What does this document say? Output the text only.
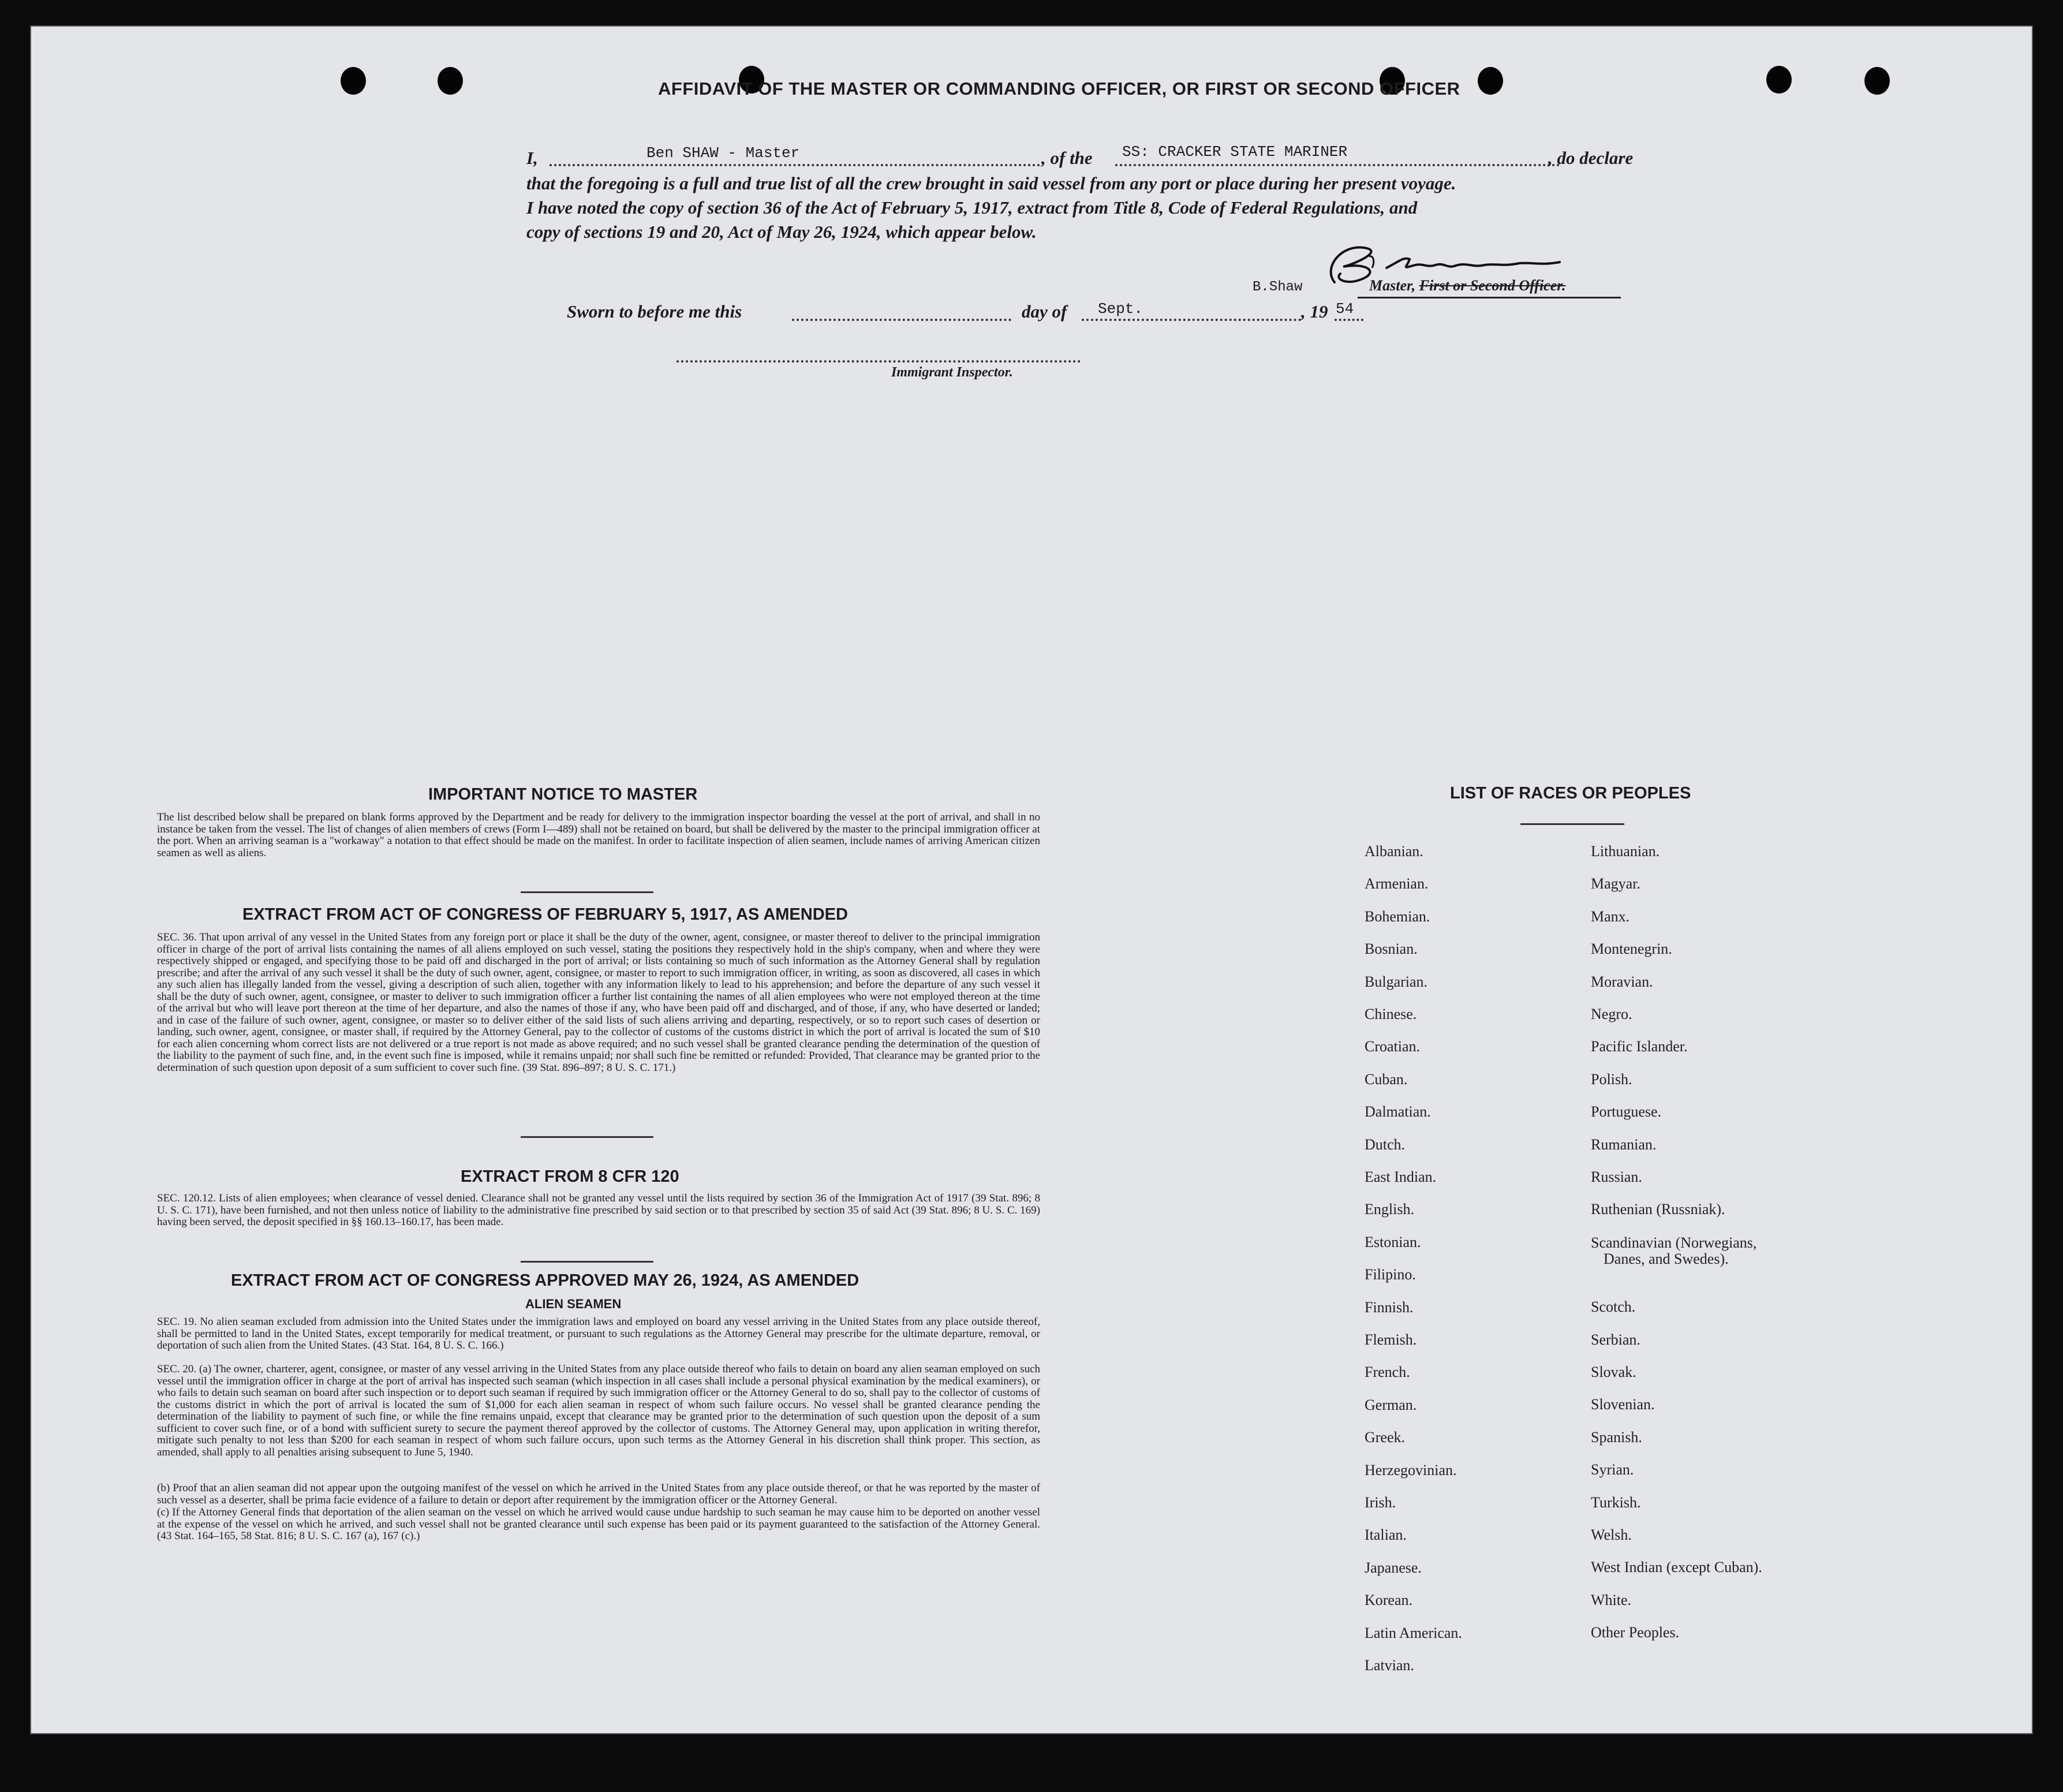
AFFIDAVIT OF THE MASTER OR COMMANDING OFFICER, OR FIRST OR SECOND OFFICER
I,	Ben SHAW - Master	, of the SS: CRACKER STATE MARINER	, do declare
that the foregoing is a full and true list of all the crew brought in said vessel from any port or place during her present voyage.
I have noted the copy of section 36 of the Act of February 5, 1917, extract from Title 8, Code of Federal Regulations, and
copy of sections 19 and 20, Act of May 26, 1924, which appear below.
B.Shaw	Master, First or Second Officer.
Sworn to before me this	day of Sept.	, 19 54
Immigrant Inspector.
IMPORTANT NOTICE TO MASTER
The list described below shall be prepared on blank forms approved by the Department and be ready for delivery to the immigration inspector boarding the vessel at the port of arrival, and shall in no instance be taken from the vessel. The list of changes of alien members of crews (Form I—489) shall not be retained on board, but shall be delivered by the master to the principal immigration officer at the port. When an arriving seaman is a "workaway" a notation to that effect should be made on the manifest. In order to facilitate inspection of alien seamen, include names of arriving American citizen seamen as well as aliens.
EXTRACT FROM ACT OF CONGRESS OF FEBRUARY 5, 1917, AS AMENDED
SEC. 36. That upon arrival of any vessel in the United States from any foreign port or place it shall be the duty of the owner, agent, consignee, or master thereof to deliver to the principal immigration officer in charge of the port of arrival lists containing the names of all aliens employed on such vessel, stating the positions they respectively hold in the ship's company, when and where they were respectively shipped or engaged, and specifying those to be paid off and discharged in the port of arrival; or lists containing so much of such information as the Attorney General shall by regulation prescribe; and after the arrival of any such vessel it shall be the duty of such owner, agent, consignee, or master to report to such immigration officer, in writing, as soon as discovered, all cases in which any such alien has illegally landed from the vessel, giving a description of such alien, together with any information likely to lead to his apprehension; and before the departure of any such vessel it shall be the duty of such owner, agent, consignee, or master to deliver to such immigration officer a further list containing the names of all alien employees who were not employed thereon at the time of the arrival but who will leave port thereon at the time of her departure, and also the names of those if any, who have been paid off and discharged, and of those, if any, who have deserted or landed; and in case of the failure of such owner, agent, consignee, or master so to deliver either of the said lists of such aliens arriving and departing, respectively, or so to report such cases of desertion or landing, such owner, agent, consignee, or master shall, if required by the Attorney General, pay to the collector of customs of the customs district in which the port of arrival is located the sum of $10 for each alien concerning whom correct lists are not delivered or a true report is not made as above required; and no such vessel shall be granted clearance pending the determination of the question of the liability to the payment of such fine, and, in the event such fine is imposed, while it remains unpaid; nor shall such fine be remitted or refunded: Provided, That clearance may be granted prior to the determination of such question upon deposit of a sum sufficient to cover such fine. (39 Stat. 896–897; 8 U. S. C. 171.)
EXTRACT FROM 8 CFR 120
SEC. 120.12. Lists of alien employees; when clearance of vessel denied. Clearance shall not be granted any vessel until the lists required by section 36 of the Immigration Act of 1917 (39 Stat. 896; 8 U. S. C. 171), have been furnished, and not then unless notice of liability to the administrative fine prescribed by said section or to that prescribed by section 35 of said Act (39 Stat. 896; 8 U. S. C. 169) having been served, the deposit specified in §§ 160.13–160.17, has been made.
EXTRACT FROM ACT OF CONGRESS APPROVED MAY 26, 1924, AS AMENDED
ALIEN SEAMEN
SEC. 19. No alien seaman excluded from admission into the United States under the immigration laws and employed on board any vessel arriving in the United States from any place outside thereof, shall be permitted to land in the United States, except temporarily for medical treatment, or pursuant to such regulations as the Attorney General may prescribe for the ultimate departure, removal, or deportation of such alien from the United States. (43 Stat. 164, 8 U. S. C. 166.)
SEC. 20. (a) The owner, charterer, agent, consignee, or master of any vessel arriving in the United States from any place outside thereof who fails to detain on board any alien seaman employed on such vessel until the immigration officer in charge at the port of arrival has inspected such seaman (which inspection in all cases shall include a personal physical examination by the medical examiners), or who fails to detain such seaman on board after such inspection or to deport such seaman if required by such immigration officer or the Attorney General to do so, shall pay to the collector of customs of the customs district in which the port of arrival is located the sum of $1,000 for each alien seaman in respect of whom such failure occurs. No vessel shall be granted clearance pending the determination of the liability to payment of such fine, or while the fine remains unpaid, except that clearance may be granted prior to the determination of such question upon the deposit of a sum sufficient to cover such fine, or of a bond with sufficient surety to secure the payment thereof approved by the collector of customs. The Attorney General may, upon application in writing therefor, mitigate such penalty to not less than $200 for each seaman in respect of whom such failure occurs, upon such terms as the Attorney General in his discretion shall think proper. This section, as amended, shall apply to all penalties arising subsequent to June 5, 1940.
(b) Proof that an alien seaman did not appear upon the outgoing manifest of the vessel on which he arrived in the United States from any place outside thereof, or that he was reported by the master of such vessel as a deserter, shall be prima facie evidence of a failure to detain or deport after requirement by the immigration officer or the Attorney General.
(c) If the Attorney General finds that deportation of the alien seaman on the vessel on which he arrived would cause undue hardship to such seaman he may cause him to be deported on another vessel at the expense of the vessel on which he arrived, and such vessel shall not be granted clearance until such expense has been paid or its payment guaranteed to the satisfaction of the Attorney General. (43 Stat. 164–165, 58 Stat. 816; 8 U. S. C. 167 (a), 167 (c).)
LIST OF RACES OR PEOPLES
Albanian.
Armenian.
Bohemian.
Bosnian.
Bulgarian.
Chinese.
Croatian.
Cuban.
Dalmatian.
Dutch.
East Indian.
English.
Estonian.
Filipino.
Finnish.
Flemish.
French.
German.
Greek.
Herzegovinian.
Irish.
Italian.
Japanese.
Korean.
Latin American.
Latvian.
Lithuanian.
Magyar.
Manx.
Montenegrin.
Moravian.
Negro.
Pacific Islander.
Polish.
Portuguese.
Rumanian.
Russian.
Ruthenian (Russniak).
Scandinavian (Norwegians,
Danes, and Swedes).
Scotch.
Serbian.
Slovak.
Slovenian.
Spanish.
Syrian.
Turkish.
Welsh.
West Indian (except Cuban).
White.
Other Peoples.
